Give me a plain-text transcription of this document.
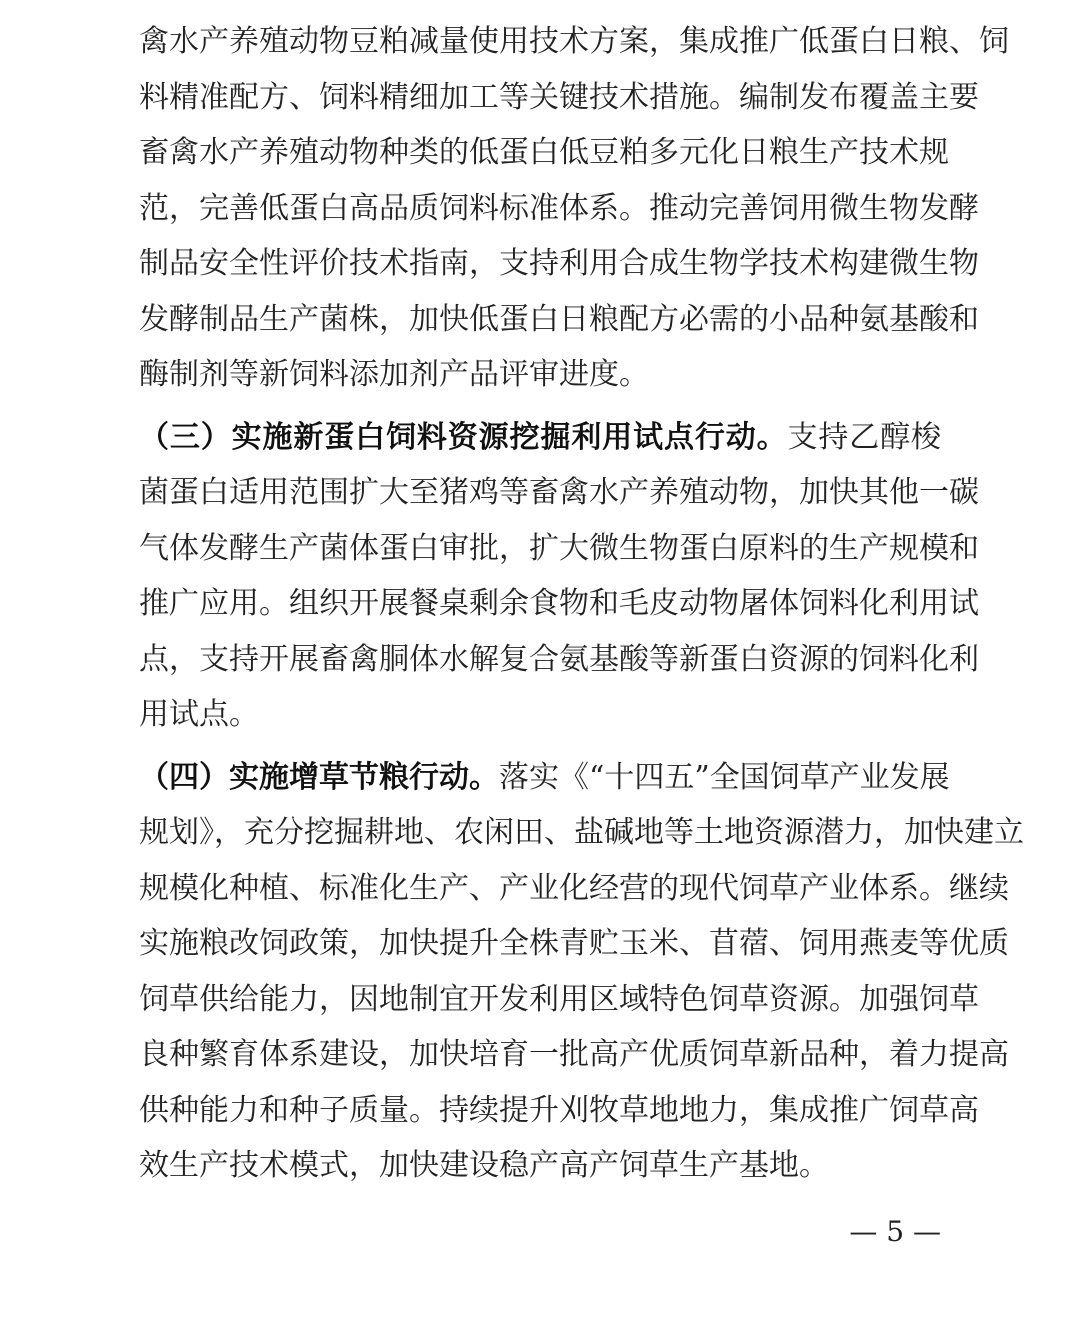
禽水产养殖动物豆粕减量使用技术方案，集成推广低蛋白日粮、饲
料精准配方、饲料精细加工等关键技术措施。编制发布覆盖主要
畜禽水产养殖动物种类的低蛋白低豆粕多元化日粮生产技术规
范，完善低蛋白高品质饲料标准体系。推动完善饲用微生物发酵
制品安全性评价技术指南，支持利用合成生物学技术构建微生物
发酵制品生产菌株，加快低蛋白日粮配方必需的小品种氨基酸和
酶制剂等新饲料添加剂产品评审进度。
（三）实施新蛋白饲料资源挖掘利用试点行动。支持乙醇梭
菌蛋白适用范围扩大至猪鸡等畜禽水产养殖动物，加快其他一碳
气体发酵生产菌体蛋白审批，扩大微生物蛋白原料的生产规模和
推广应用。组织开展餐桌剩余食物和毛皮动物屠体饲料化利用试
点，支持开展畜禽胴体水解复合氨基酸等新蛋白资源的饲料化利
用试点。
（四）实施增草节粮行动。落实《“十四五”全国饲草产业发展
规划》，充分挖掘耕地、农闲田、盐碱地等土地资源潜力，加快建立
规模化种植、标准化生产、产业化经营的现代饲草产业体系。继续
实施粮改饲政策，加快提升全株青贮玉米、苜蓿、饲用燕麦等优质
饲草供给能力，因地制宜开发利用区域特色饲草资源。加强饲草
良种繁育体系建设，加快培育一批高产优质饲草新品种，着力提高
供种能力和种子质量。持续提升刈牧草地地力，集成推广饲草高
效生产技术模式，加快建设稳产高产饲草生产基地。
— 5 —
